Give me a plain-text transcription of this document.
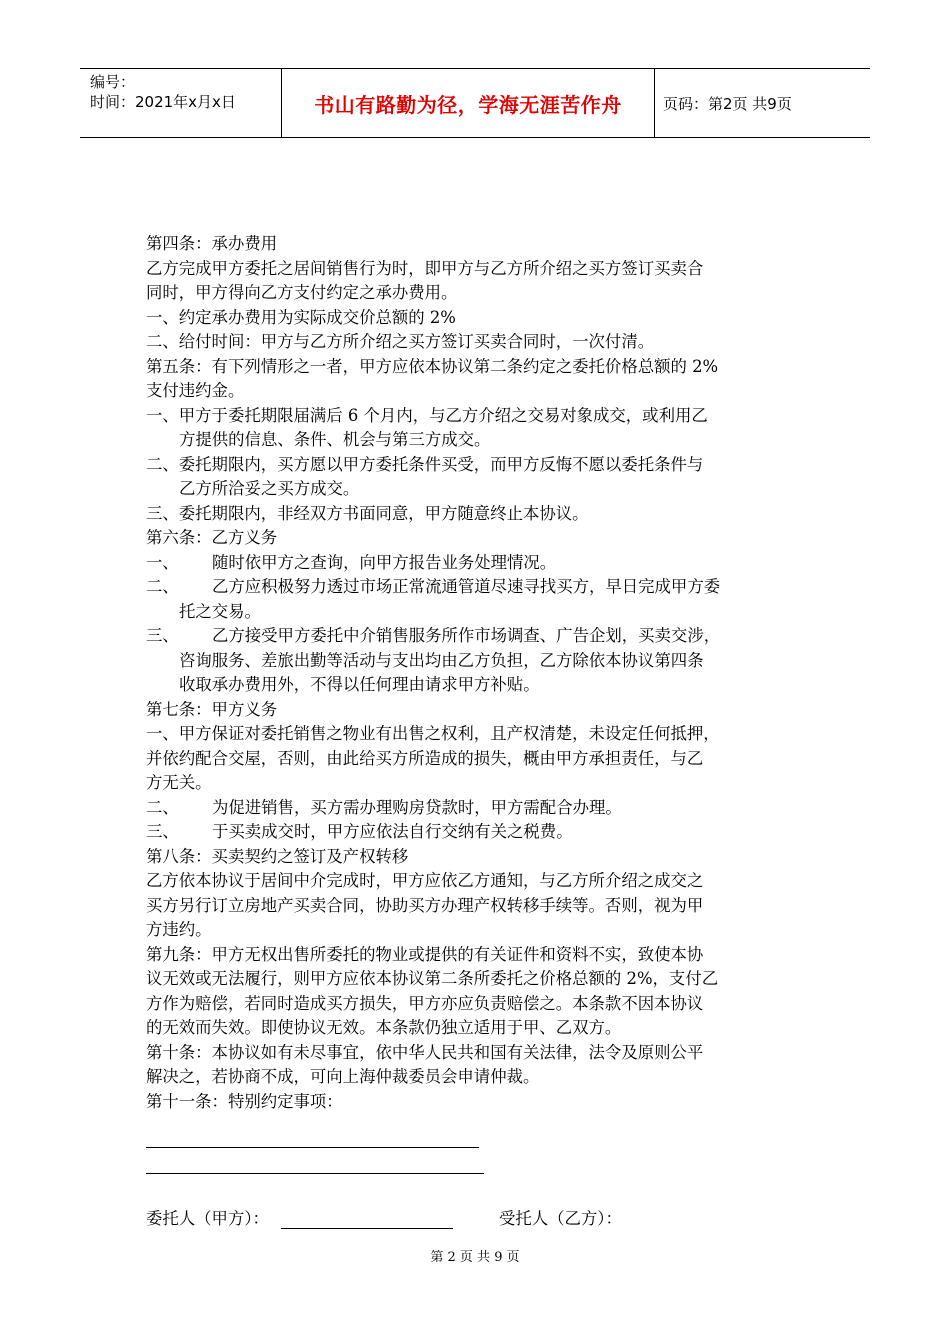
编号：
时间：2021年x月x日	书山有路勤为径，学海无涯苦作舟	页码：第2页 共9页

第四条：承办费用

乙方完成甲方委托之居间销售行为时，即甲方与乙方所介绍之买方签订买卖合

同时，甲方得向乙方支付约定之承办费用。

一、约定承办费用为实际成交价总额的 2%

二、给付时间：甲方与乙方所介绍之买方签订买卖合同时，一次付清。

第五条：有下列情形之一者，甲方应依本协议第二条约定之委托价格总额的 2%

支付违约金。

一、甲方于委托期限届满后 6 个月内，与乙方介绍之交易对象成交，或利用乙

方提供的信息、条件、机会与第三方成交。

二、委托期限内，买方愿以甲方委托条件买受，而甲方反悔不愿以委托条件与

乙方所洽妥之买方成交。

三、委托期限内，非经双方书面同意，甲方随意终止本协议。

第六条：乙方义务

一、 随时依甲方之查询，向甲方报告业务处理情况。

二、 乙方应积极努力透过市场正常流通管道尽速寻找买方，早日完成甲方委

托之交易。

三、 乙方接受甲方委托中介销售服务所作市场调查、广告企划，买卖交涉，

咨询服务、差旅出勤等活动与支出均由乙方负担，乙方除依本协议第四条

收取承办费用外，不得以任何理由请求甲方补贴。

第七条：甲方义务

一、甲方保证对委托销售之物业有出售之权利，且产权清楚，未设定任何抵押，

并依约配合交屋，否则，由此给买方所造成的损失，概由甲方承担责任，与乙

方无关。

二、 为促进销售，买方需办理购房贷款时，甲方需配合办理。

三、 于买卖成交时，甲方应依法自行交纳有关之税费。

第八条：买卖契约之签订及产权转移

乙方依本协议于居间中介完成时，甲方应依乙方通知，与乙方所介绍之成交之

买方另行订立房地产买卖合同，协助买方办理产权转移手续等。否则，视为甲

方违约。

第九条：甲方无权出售所委托的物业或提供的有关证件和资料不实，致使本协

议无效或无法履行，则甲方应依本协议第二条所委托之价格总额的 2%，支付乙

方作为赔偿，若同时造成买方损失，甲方亦应负责赔偿之。本条款不因本协议

的无效而失效。即使协议无效。本条款仍独立适用于甲、乙双方。

第十条：本协议如有未尽事宜，依中华人民共和国有关法律，法令及原则公平

解决之，若协商不成，可向上海仲裁委员会申请仲裁。

第十一条：特别约定事项：

委托人（甲方）：	受托人（乙方）：
第 2 页 共 9 页
